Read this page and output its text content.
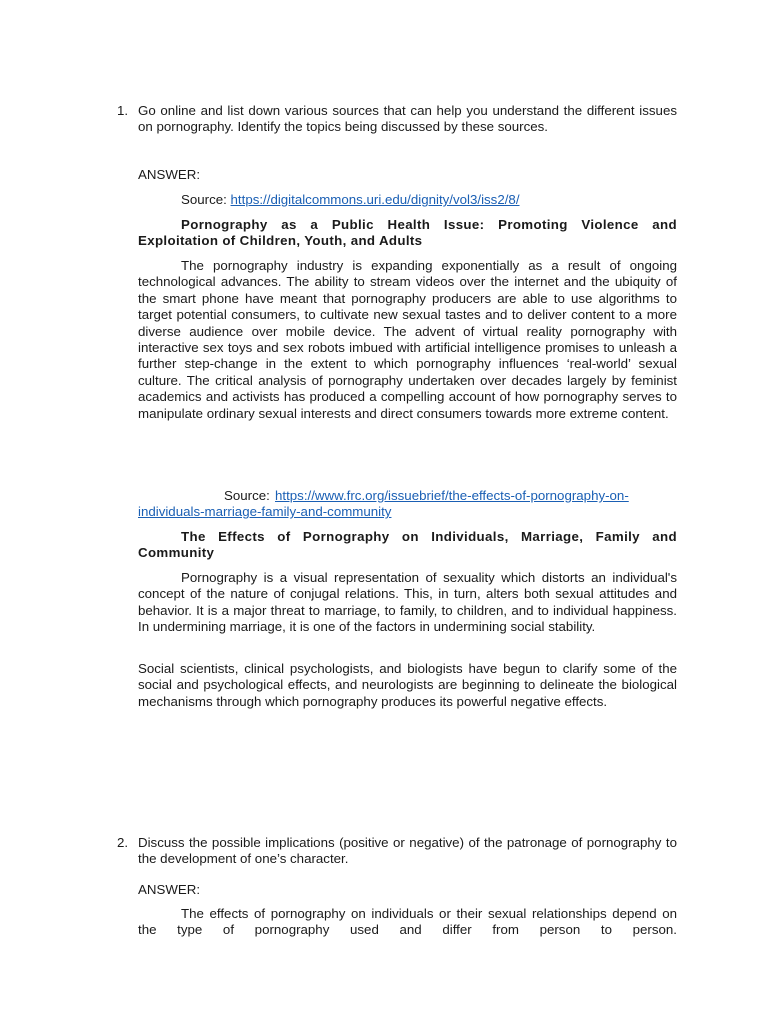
1. Go online and list down various sources that can help you understand the different issues on pornography. Identify the topics being discussed by these sources.
ANSWER:
Source: https://digitalcommons.uri.edu/dignity/vol3/iss2/8/
Pornography as a Public Health Issue: Promoting Violence and Exploitation of Children, Youth, and Adults
The pornography industry is expanding exponentially as a result of ongoing technological advances. The ability to stream videos over the internet and the ubiquity of the smart phone have meant that pornography producers are able to use algorithms to target potential consumers, to cultivate new sexual tastes and to deliver content to a more diverse audience over mobile device. The advent of virtual reality pornography with interactive sex toys and sex robots imbued with artificial intelligence promises to unleash a further step-change in the extent to which pornography influences ‘real-world’ sexual culture. The critical analysis of pornography undertaken over decades largely by feminist academics and activists has produced a compelling account of how pornography serves to manipulate ordinary sexual interests and direct consumers towards more extreme content.
Source: https://www.frc.org/issuebrief/the-effects-of-pornography-on-individuals-marriage-family-and-community
The Effects of Pornography on Individuals, Marriage, Family and Community
Pornography is a visual representation of sexuality which distorts an individual's concept of the nature of conjugal relations. This, in turn, alters both sexual attitudes and behavior. It is a major threat to marriage, to family, to children, and to individual happiness. In undermining marriage, it is one of the factors in undermining social stability.
Social scientists, clinical psychologists, and biologists have begun to clarify some of the social and psychological effects, and neurologists are beginning to delineate the biological mechanisms through which pornography produces its powerful negative effects.
2. Discuss the possible implications (positive or negative) of the patronage of pornography to the development of one’s character.
ANSWER:
The effects of pornography on individuals or their sexual relationships depend on the type of pornography used and differ from person to person.
